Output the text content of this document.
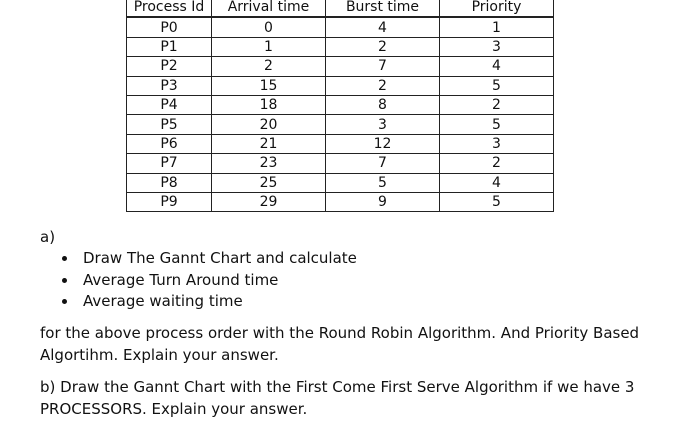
Process Id	Arrival time	Burst time	Priority
P0	0	4	1
P1	1	2	3
P2	2	7	4
P3	15	2	5
P4	18	8	2
P5	20	3	5
P6	21	12	3
P7	23	7	2
P8	25	5	4
P9	29	9	5
a)
Draw The Gannt Chart and calculate
Average Turn Around time
Average waiting time
for the above process order with the Round Robin Algorithm. And Priority Based
Algortihm. Explain your answer.
b) Draw the Gannt Chart with the First Come First Serve Algorithm if we have 3
PROCESSORS. Explain your answer.
